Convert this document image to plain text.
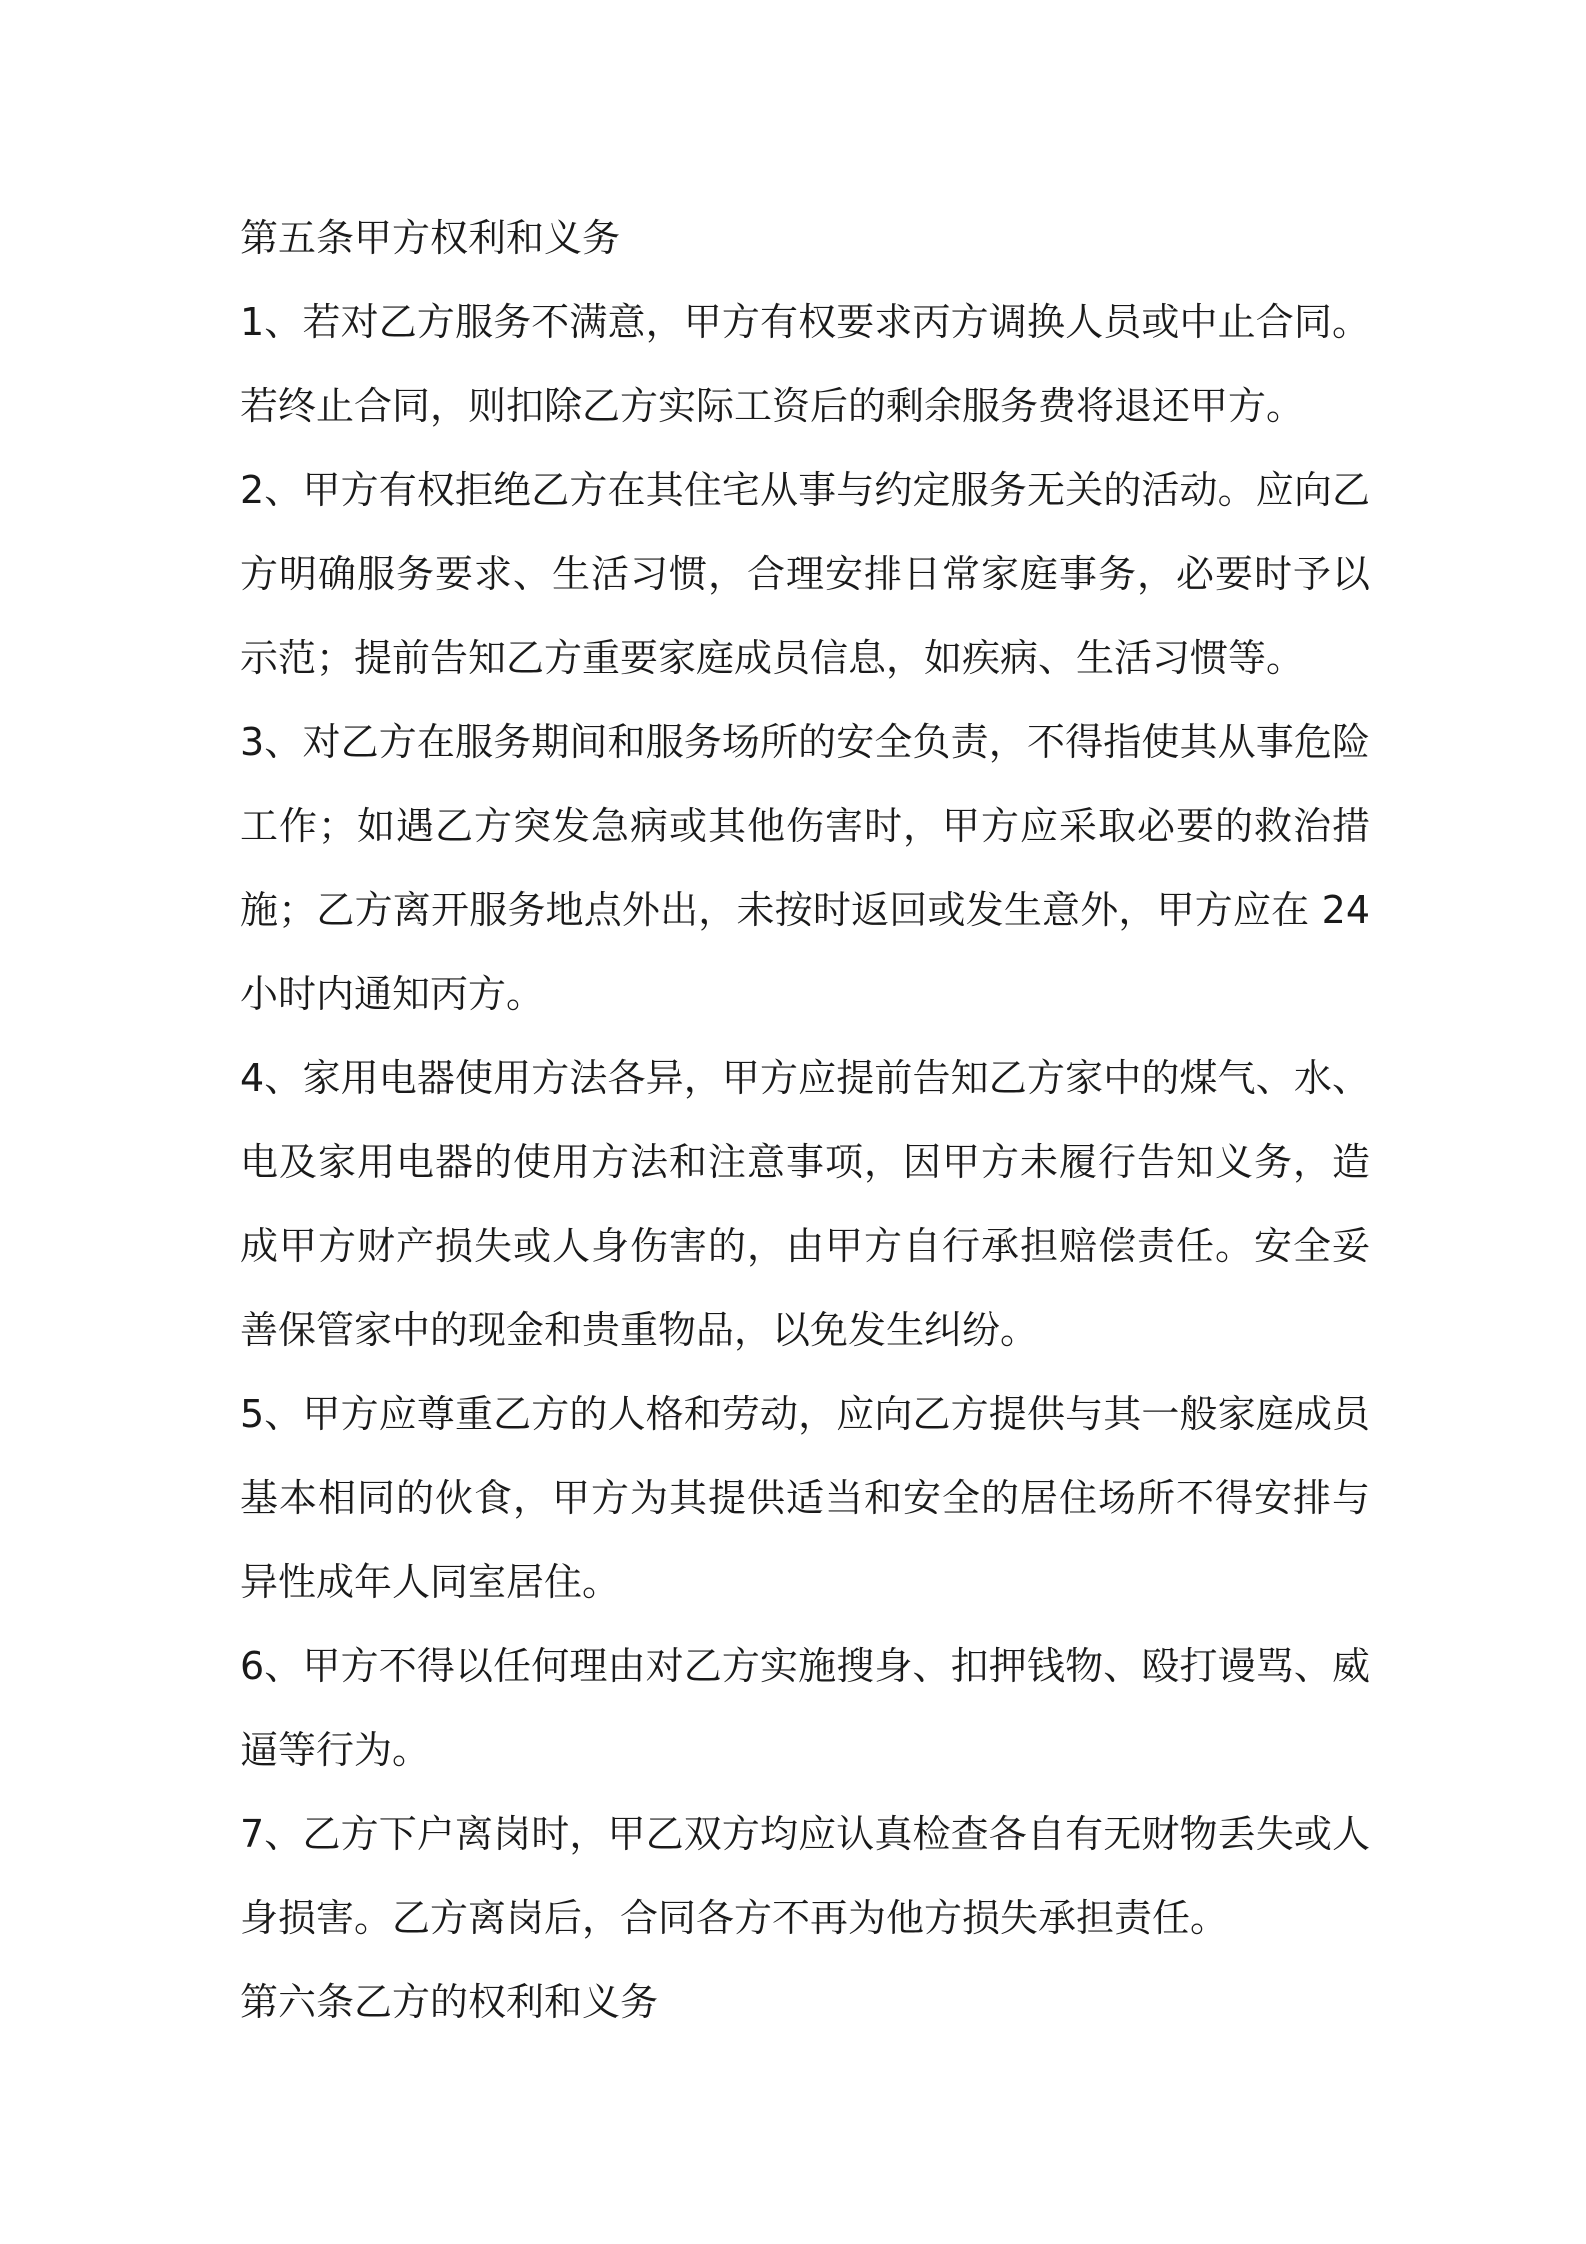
第五条甲方权利和义务

1、若对乙方服务不满意，甲方有权要求丙方调换人员或中止合同。若终止合同，则扣除乙方实际工资后的剩余服务费将退还甲方。

2、甲方有权拒绝乙方在其住宅从事与约定服务无关的活动。应向乙方明确服务要求、生活习惯，合理安排日常家庭事务，必要时予以示范；提前告知乙方重要家庭成员信息，如疾病、生活习惯等。

3、对乙方在服务期间和服务场所的安全负责，不得指使其从事危险工作；如遇乙方突发急病或其他伤害时，甲方应采取必要的救治措施；乙方离开服务地点外出，未按时返回或发生意外，甲方应在 24 小时内通知丙方。

4、家用电器使用方法各异，甲方应提前告知乙方家中的煤气、水、电及家用电器的使用方法和注意事项，因甲方未履行告知义务，造成甲方财产损失或人身伤害的，由甲方自行承担赔偿责任。安全妥善保管家中的现金和贵重物品，以免发生纠纷。

5、甲方应尊重乙方的人格和劳动，应向乙方提供与其一般家庭成员基本相同的伙食，甲方为其提供适当和安全的居住场所不得安排与异性成年人同室居住。

6、甲方不得以任何理由对乙方实施搜身、扣押钱物、殴打谩骂、威逼等行为。

7、乙方下户离岗时，甲乙双方均应认真检查各自有无财物丢失或人身损害。乙方离岗后，合同各方不再为他方损失承担责任。

第六条乙方的权利和义务
